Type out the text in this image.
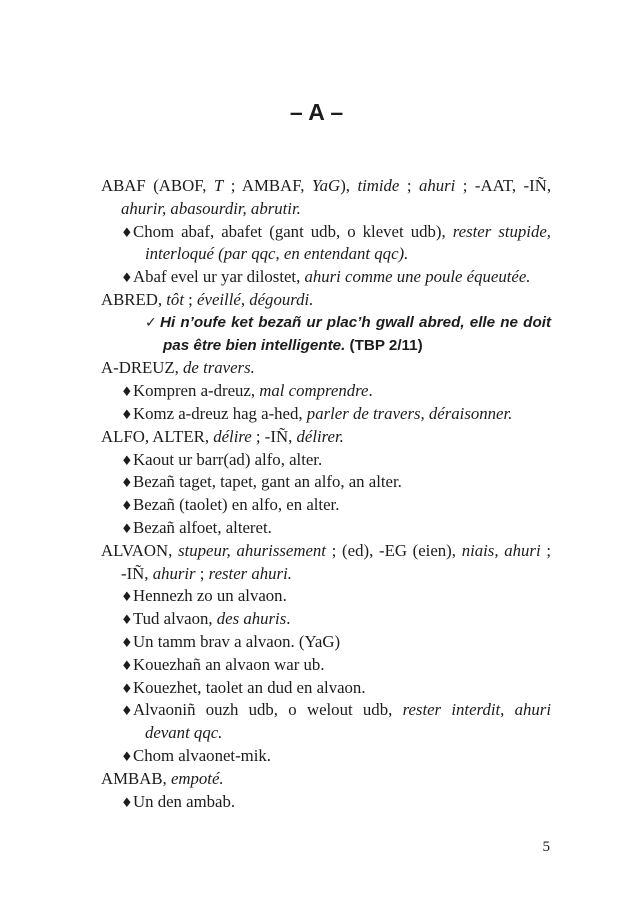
– A –
ABAF (ABOF, T ; AMBAF, YaG), timide ; ahuri ; -AAT, -IÑ,
ahurir, abasourdir, abrutir.
♦Chom abaf, abafet (gant udb, o klevet udb), rester stupide,
interloqué (par qqc, en entendant qqc).
♦Abaf evel ur yar dilostet, ahuri comme une poule équeutée.
ABRED, tôt ; éveillé, dégourdi.
✓ Hi n’oufe ket bezañ ur plac’h gwall abred, elle ne doit
pas être bien intelligente. (TBP 2/11)
A-DREUZ, de travers.
♦Kompren a-dreuz, mal comprendre.
♦Komz a-dreuz hag a-hed, parler de travers, déraisonner.
ALFO, ALTER, délire ; -IÑ, délirer.
♦Kaout ur barr(ad) alfo, alter.
♦Bezañ taget, tapet, gant an alfo, an alter.
♦Bezañ (taolet) en alfo, en alter.
♦Bezañ alfoet, alteret.
ALVAON, stupeur, ahurissement ; (ed), -EG (eien), niais, ahuri ;
-IÑ, ahurir ; rester ahuri.
♦Hennezh zo un alvaon.
♦Tud alvaon, des ahuris.
♦Un tamm brav a alvaon. (YaG)
♦Kouezhañ an alvaon war ub.
♦Kouezhet, taolet an dud en alvaon.
♦Alvaoniñ ouzh udb, o welout udb, rester interdit, ahuri
devant qqc.
♦Chom alvaonet-mik.
AMBAB, empoté.
♦Un den ambab.
5
